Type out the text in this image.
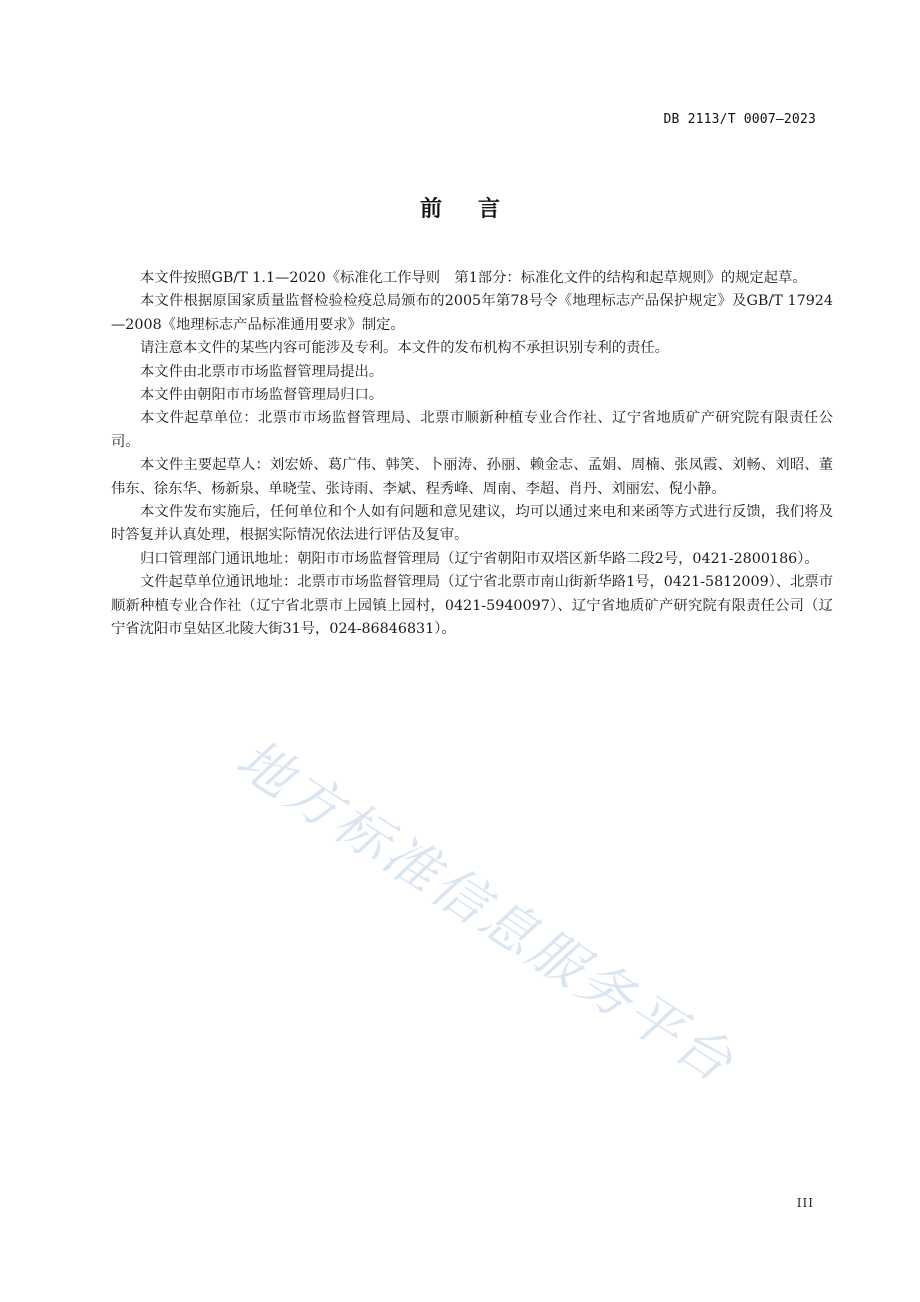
DB 2113/T 0007—2023
前言

本文件按照GB/T 1.1—2020《标准化工作导则　第1部分：标准化文件的结构和起草规则》的规定起草。

本文件根据原国家质量监督检验检疫总局颁布的2005年第78号令《地理标志产品保护规定》及GB/T 17924—2008《地理标志产品标准通用要求》制定。

请注意本文件的某些内容可能涉及专利。本文件的发布机构不承担识别专利的责任。

本文件由北票市市场监督管理局提出。

本文件由朝阳市市场监督管理局归口。

本文件起草单位：北票市市场监督管理局、北票市顺新种植专业合作社、辽宁省地质矿产研究院有限责任公司。

本文件主要起草人：刘宏娇、葛广伟、韩笑、卜丽涛、孙丽、赖金志、孟娟、周楠、张凤霞、刘畅、刘昭、董伟东、徐东华、杨新泉、单晓莹、张诗雨、李斌、程秀峰、周南、李超、肖丹、刘丽宏、倪小静。

本文件发布实施后，任何单位和个人如有问题和意见建议，均可以通过来电和来函等方式进行反馈，我们将及时答复并认真处理，根据实际情况依法进行评估及复审。

归口管理部门通讯地址：朝阳市市场监督管理局（辽宁省朝阳市双塔区新华路二段2号，0421-2800186）。

文件起草单位通讯地址：北票市市场监督管理局（辽宁省北票市南山街新华路1号，0421-5812009）、北票市顺新种植专业合作社（辽宁省北票市上园镇上园村，0421-5940097）、辽宁省地质矿产研究院有限责任公司（辽宁省沈阳市皇姑区北陵大街31号，024-86846831）。

地方标准信息服务平台
III
